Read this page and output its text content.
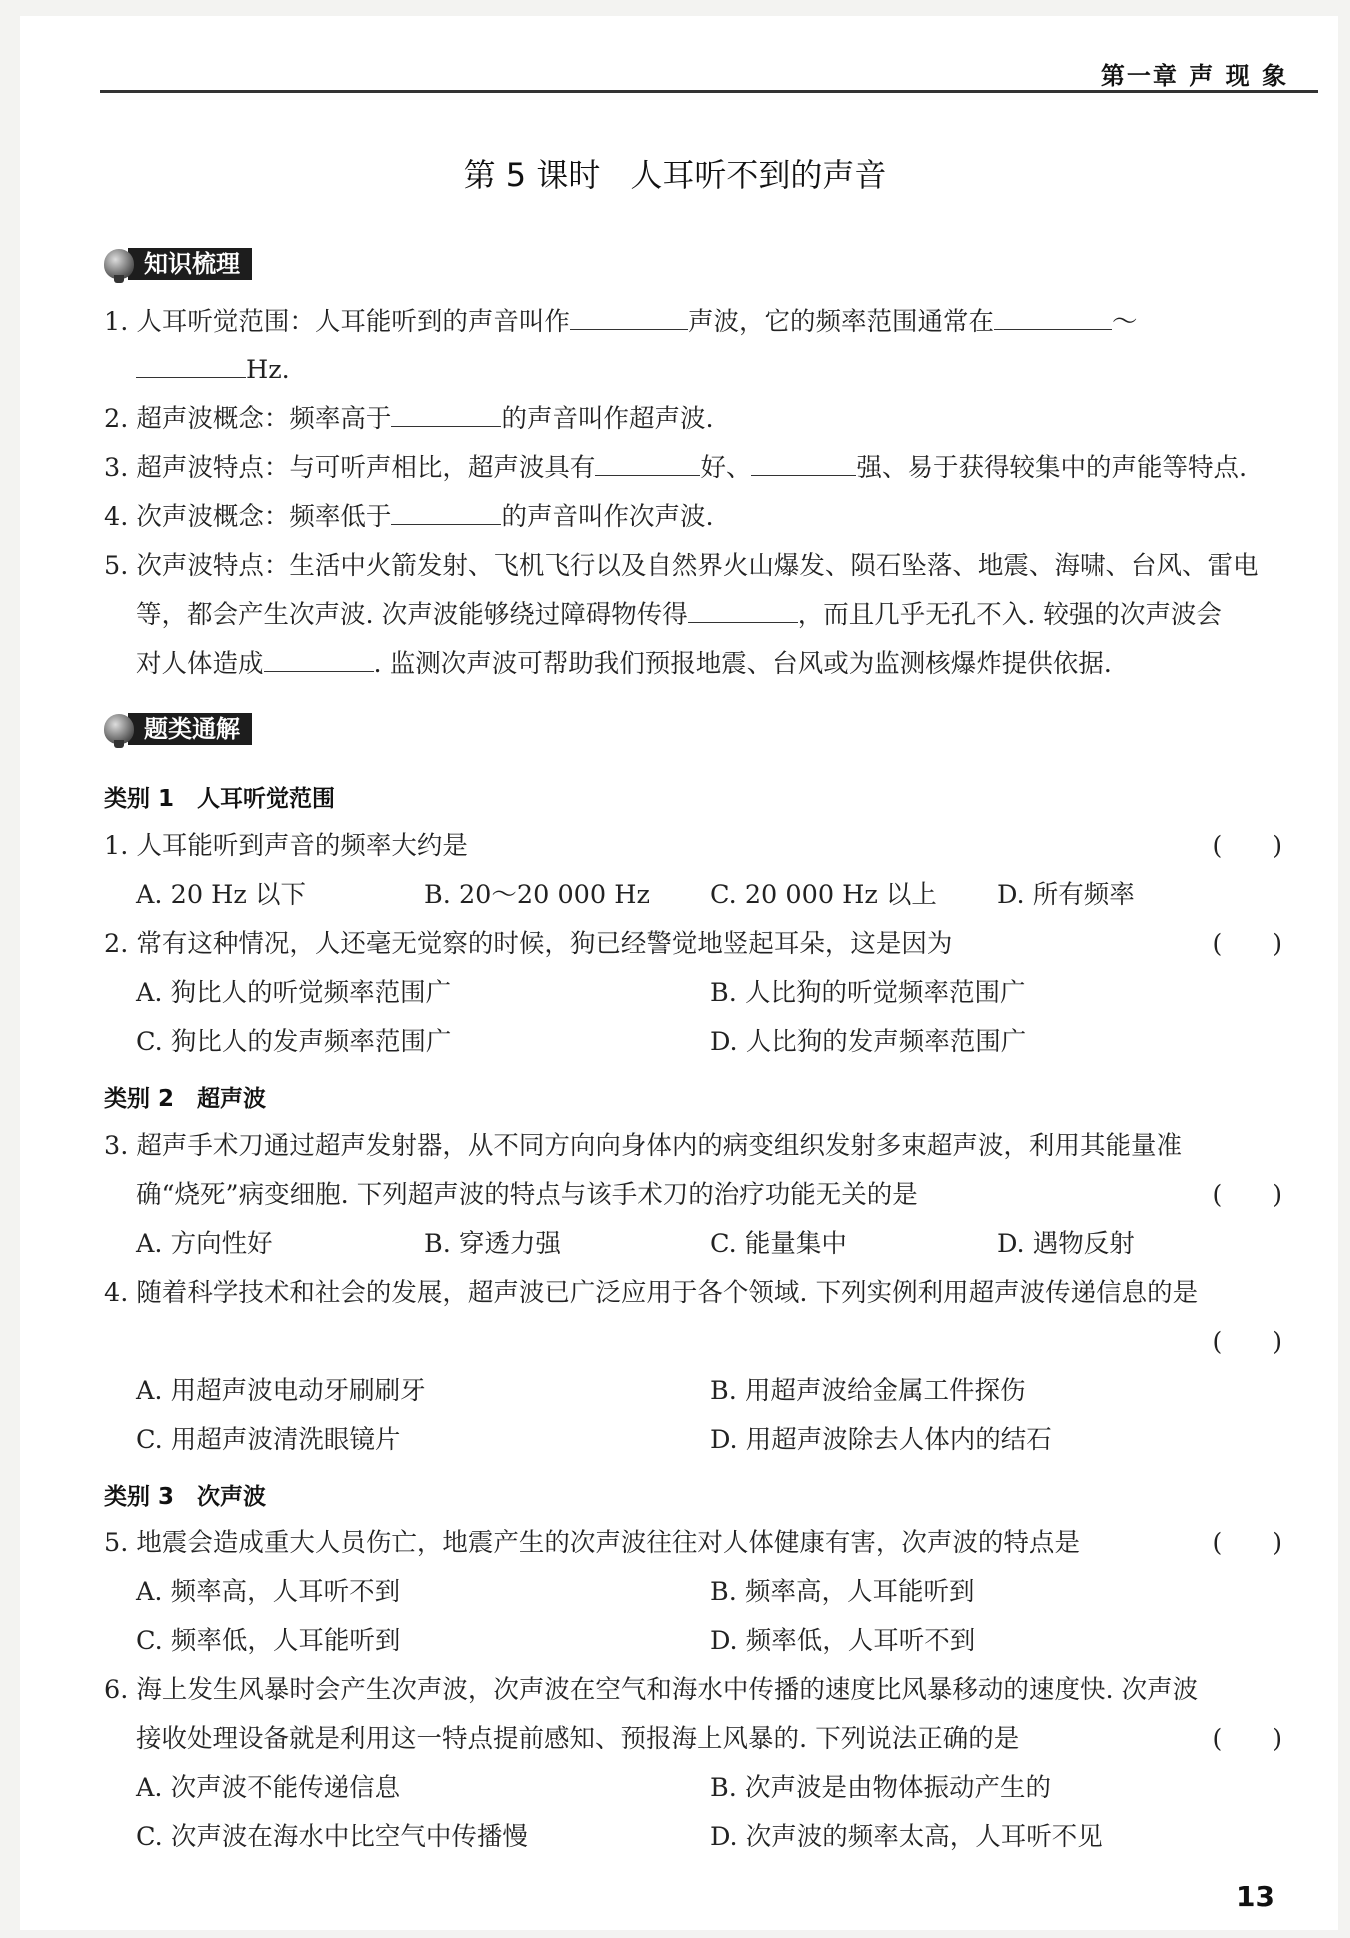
第一章 声 现 象
第 5 课时 人耳听不到的声音
知识梳理
1. 人耳听觉范围：人耳能听到的声音叫作	声波，它的频率范围通常在	～
Hz.
2. 超声波概念：频率高于	的声音叫作超声波.
3. 超声波特点：与可听声相比，超声波具有	好、	强、易于获得较集中的声能等特点.
4. 次声波概念：频率低于	的声音叫作次声波.
5. 次声波特点：生活中火箭发射、飞机飞行以及自然界火山爆发、陨石坠落、地震、海啸、台风、雷电
等，都会产生次声波. 次声波能够绕过障碍物传得	，而且几乎无孔不入. 较强的次声波会
对人体造成	. 监测次声波可帮助我们预报地震、台风或为监测核爆炸提供依据.
题类通解
类别 1　人耳听觉范围
1. 人耳能听到声音的频率大约是	(　　)
A. 20 Hz 以下	B. 20～20 000 Hz C. 20 000 Hz 以上 D. 所有频率
2. 常有这种情况，人还毫无觉察的时候，狗已经警觉地竖起耳朵，这是因为	(　　)
A. 狗比人的听觉频率范围广	B. 人比狗的听觉频率范围广
C. 狗比人的发声频率范围广	D. 人比狗的发声频率范围广
类别 2　超声波
3. 超声手术刀通过超声发射器，从不同方向向身体内的病变组织发射多束超声波，利用其能量准
确“烧死”病变细胞. 下列超声波的特点与该手术刀的治疗功能无关的是	(　　)
A. 方向性好	B. 穿透力强	C. 能量集中	D. 遇物反射
4. 随着科学技术和社会的发展，超声波已广泛应用于各个领域. 下列实例利用超声波传递信息的是
(　　)
A. 用超声波电动牙刷刷牙	B. 用超声波给金属工件探伤
C. 用超声波清洗眼镜片	D. 用超声波除去人体内的结石
类别 3　次声波
5. 地震会造成重大人员伤亡，地震产生的次声波往往对人体健康有害，次声波的特点是	(　　)
A. 频率高，人耳听不到	B. 频率高，人耳能听到
C. 频率低，人耳能听到	D. 频率低，人耳听不到
6. 海上发生风暴时会产生次声波，次声波在空气和海水中传播的速度比风暴移动的速度快. 次声波
接收处理设备就是利用这一特点提前感知、预报海上风暴的. 下列说法正确的是	(　　)
A. 次声波不能传递信息	B. 次声波是由物体振动产生的
C. 次声波在海水中比空气中传播慢	D. 次声波的频率太高，人耳听不见
13
